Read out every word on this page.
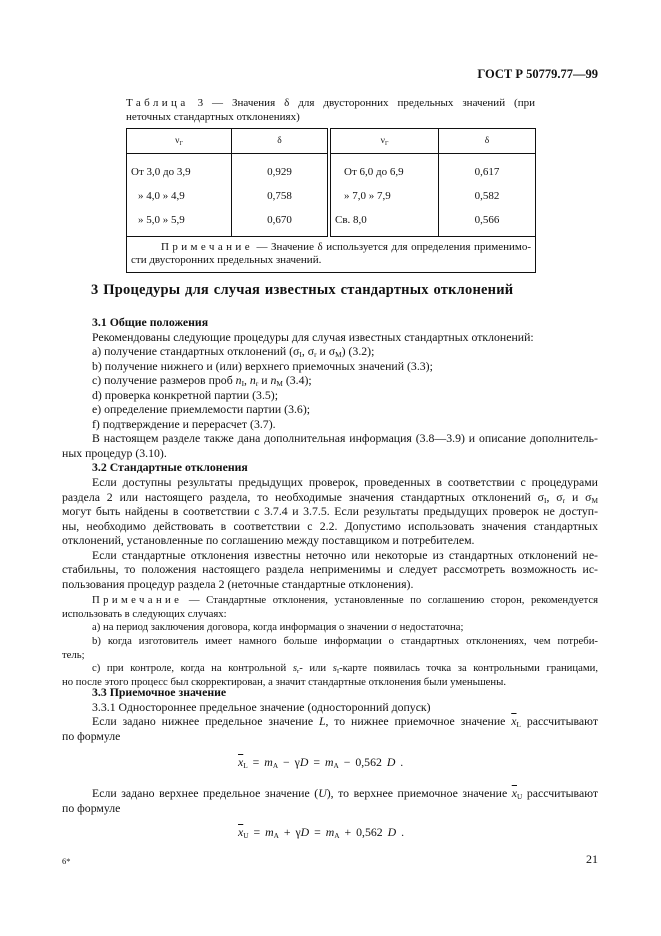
ГОСТ Р 50779.77—99
Таблица 3 — Значения δ для двусторонних предельных значений (при
неточных стандартных отклонениях)
$\nu_Г$	δ	$\nu_Г$	δ
От 3,0 до 3,9	0,929	От 6,0 до 6,9	0,617
» 4,0 » 4,9	0,758	» 7,0 » 7,9	0,582
» 5,0 » 5,9	0,670	Св. 8,0	0,566

Примечание — Значение δ используется для определения применимо-
сти двусторонних предельных значений.			
3 Процедуры для случая известных стандартных отклонений
3.1 Общие положения
Рекомендованы следующие процедуры для случая известных стандартных отклонений:
а) получение стандартных отклонений ($\sigma_I$, $\sigma_r$ и $\sigma_M$) (3.2);
b) получение нижнего и (или) верхнего приемочных значений (3.3);
c) получение размеров проб $n_I$, $n_r$ и $n_M$ (3.4);
d) проверка конкретной партии (3.5);
e) определение приемлемости партии (3.6);
f) подтверждение и перерасчет (3.7).
В настоящем разделе также дана дополнительная информация (3.8—3.9) и описание дополнитель-
ных процедур (3.10).
3.2 Стандартные отклонения
Если доступны результаты предыдущих проверок, проведенных в соответствии с процедурами
раздела 2 или настоящего раздела, то необходимые значения стандартных отклонений $\sigma_I$, $\sigma_r$ и $\sigma_M$
могут быть найдены в соответствии с 3.7.4 и 3.7.5. Если результаты предыдущих проверок не доступ-
ны, необходимо действовать в соответствии с 2.2. Допустимо использовать значения стандартных
отклонений, установленные по соглашению между поставщиком и потребителем.
Если стандартные отклонения известны неточно или некоторые из стандартных отклонений не-
стабильны, то положения настоящего раздела неприменимы и следует рассмотреть возможность ис-
пользования процедур раздела 2 (неточные стандартные отклонения).
Примечание — Стандартные отклонения, установленные по соглашению сторон, рекомендуется
использовать в следующих случаях:
а) на период заключения договора, когда информация о значении σ недостаточна;
b) когда изготовитель имеет намного больше информации о стандартных отклонениях, чем потреби-
тель;
с) при контроле, когда на контрольной $s_r-$ или $s_I$-карте появилась точка за контрольными границами,
но после этого процесс был скорректирован, а значит стандартные отклонения были уменьшены.
3.3 Приемочное значение
3.3.1 Одностороннее предельное значение (односторонний допуск)
Если задано нижнее предельное значение L, то нижнее приемочное значение $\overline{x}_L$ рассчитывают
по формуле
$\overline{x}_L = m_A - \gamma D = m_A - 0,562$ D .
Если задано верхнее предельное значение (U), то верхнее приемочное значение $\overline{x}_U$ рассчитывают
по формуле
$\overline{x}_U = m_A + \gamma D = m_A + 0,562$ D .
6*	21
